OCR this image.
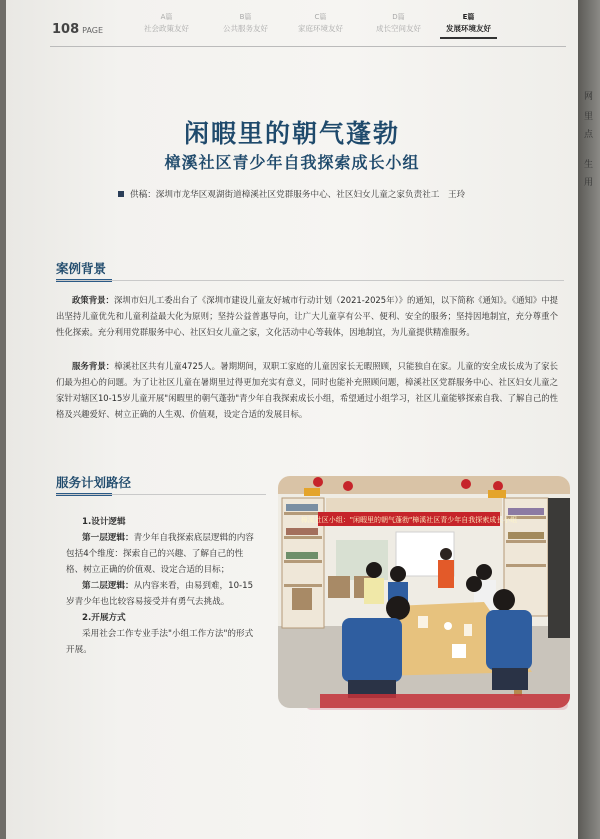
网
里
点
生
用
108 PAGE
A篇
社会政策友好
B篇
公共服务友好
C篇
家庭环境友好
D篇
成长空间友好
E篇
发展环境友好
闲暇里的朝气蓬勃
樟溪社区青少年自我探索成长小组
供稿：深圳市龙华区观湖街道樟溪社区党群服务中心、社区妇女儿童之家负责社工　王玲
案例背景
政策背景：深圳市妇儿工委出台了《深圳市建设儿童友好城市行动计划（2021-2025年）》的通知，以下简称《通知》。《通知》中提出坚持儿童优先和儿童利益最大化为原则；坚持公益普惠导向，让广大儿童享有公平、便利、安全的服务；坚持因地制宜，充分尊重个性化探索。充分利用党群服务中心、社区妇女儿童之家，文化活动中心等载体，因地制宜，为儿童提供精准服务。
服务背景：樟溪社区共有儿童4725人。暑期期间，双职工家庭的儿童因家长无暇照顾，只能独自在家。儿童的安全成长成为了家长们最为担心的问题。为了让社区儿童在暑期里过得更加充实有意义，同时也能补充照顾问题，樟溪社区党群服务中心、社区妇女儿童之家针对辖区10-15岁儿童开展"闲暇里的朝气蓬勃"青少年自我探索成长小组，希望通过小组学习，社区儿童能够探索自我、了解自己的性格及兴趣爱好、树立正确的人生观、价值观，设定合适的发展目标。
服务计划路径
1.设计逻辑
第一层逻辑：青少年自我探索底层逻辑的内容包括4个维度：探索自己的兴趣、了解自己的性格、树立正确的价值观、设定合适的目标；
第二层逻辑：从内容来看，由易到难，10-15岁青少年也比较容易接受并有勇气去挑战。
2.开展方式
采用社会工作专业手法"小组工作方法"的形式开展。
樟溪社区小组："闲暇里的朝气蓬勃"樟溪社区青少年自我探索成长小组
